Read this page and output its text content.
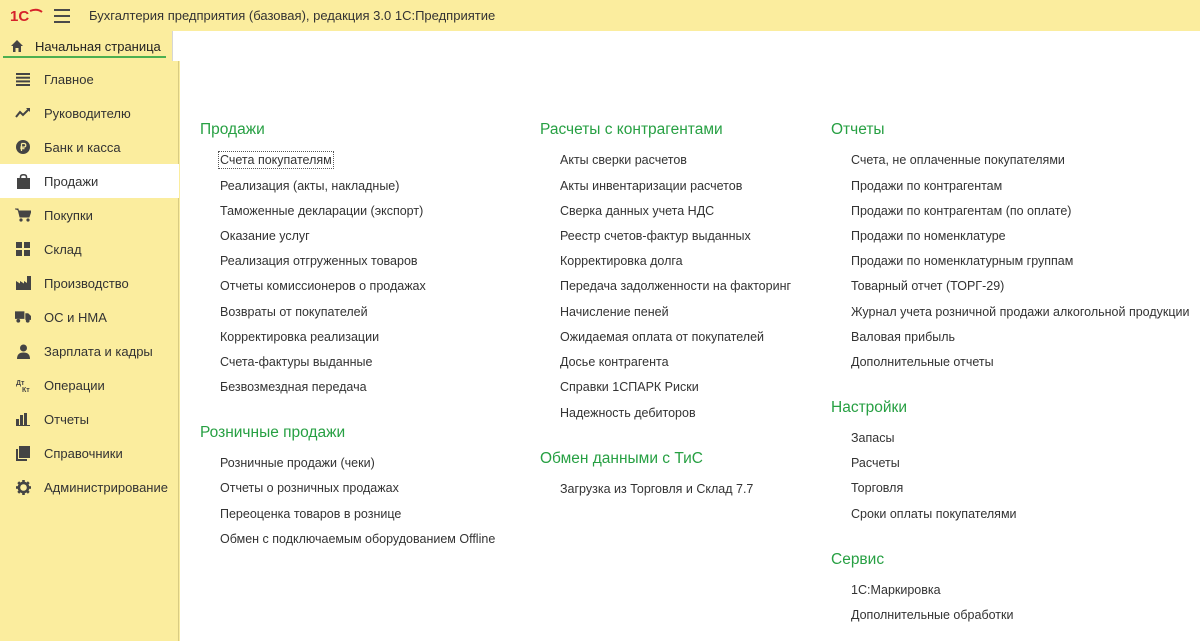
1С	Бухгалтерия предприятия (базовая), редакция 3.0 1С:Предприятие
Начальная страница
Главное
Руководителю
Банк и касса
Продажи
Покупки
Склад
Производство
ОС и НМА
Зарплата и кадры
Дт
Кт Операции
Отчеты
Справочники
Администрирование
Продажи
Счета покупателям
Реализация (акты, накладные)
Таможенные декларации (экспорт)
Оказание услуг
Реализация отгруженных товаров
Отчеты комиссионеров о продажах
Возвраты от покупателей
Корректировка реализации
Счета-фактуры выданные
Безвозмездная передача
Розничные продажи
Розничные продажи (чеки)
Отчеты о розничных продажах
Переоценка товаров в рознице
Обмен с подключаемым оборудованием Offline
Расчеты с контрагентами
Акты сверки расчетов
Акты инвентаризации расчетов
Сверка данных учета НДС
Реестр счетов-фактур выданных
Корректировка долга
Передача задолженности на факторинг
Начисление пеней
Ожидаемая оплата от покупателей
Досье контрагента
Справки 1СПАРК Риски
Надежность дебиторов
Обмен данными с ТиС
Загрузка из Торговля и Склад 7.7
Отчеты
Счета, не оплаченные покупателями
Продажи по контрагентам
Продажи по контрагентам (по оплате)
Продажи по номенклатуре
Продажи по номенклатурным группам
Товарный отчет (ТОРГ-29)
Журнал учета розничной продажи алкогольной продукции
Валовая прибыль
Дополнительные отчеты
Настройки
Запасы
Расчеты
Торговля
Сроки оплаты покупателями
Сервис
1С:Маркировка
Дополнительные обработки
